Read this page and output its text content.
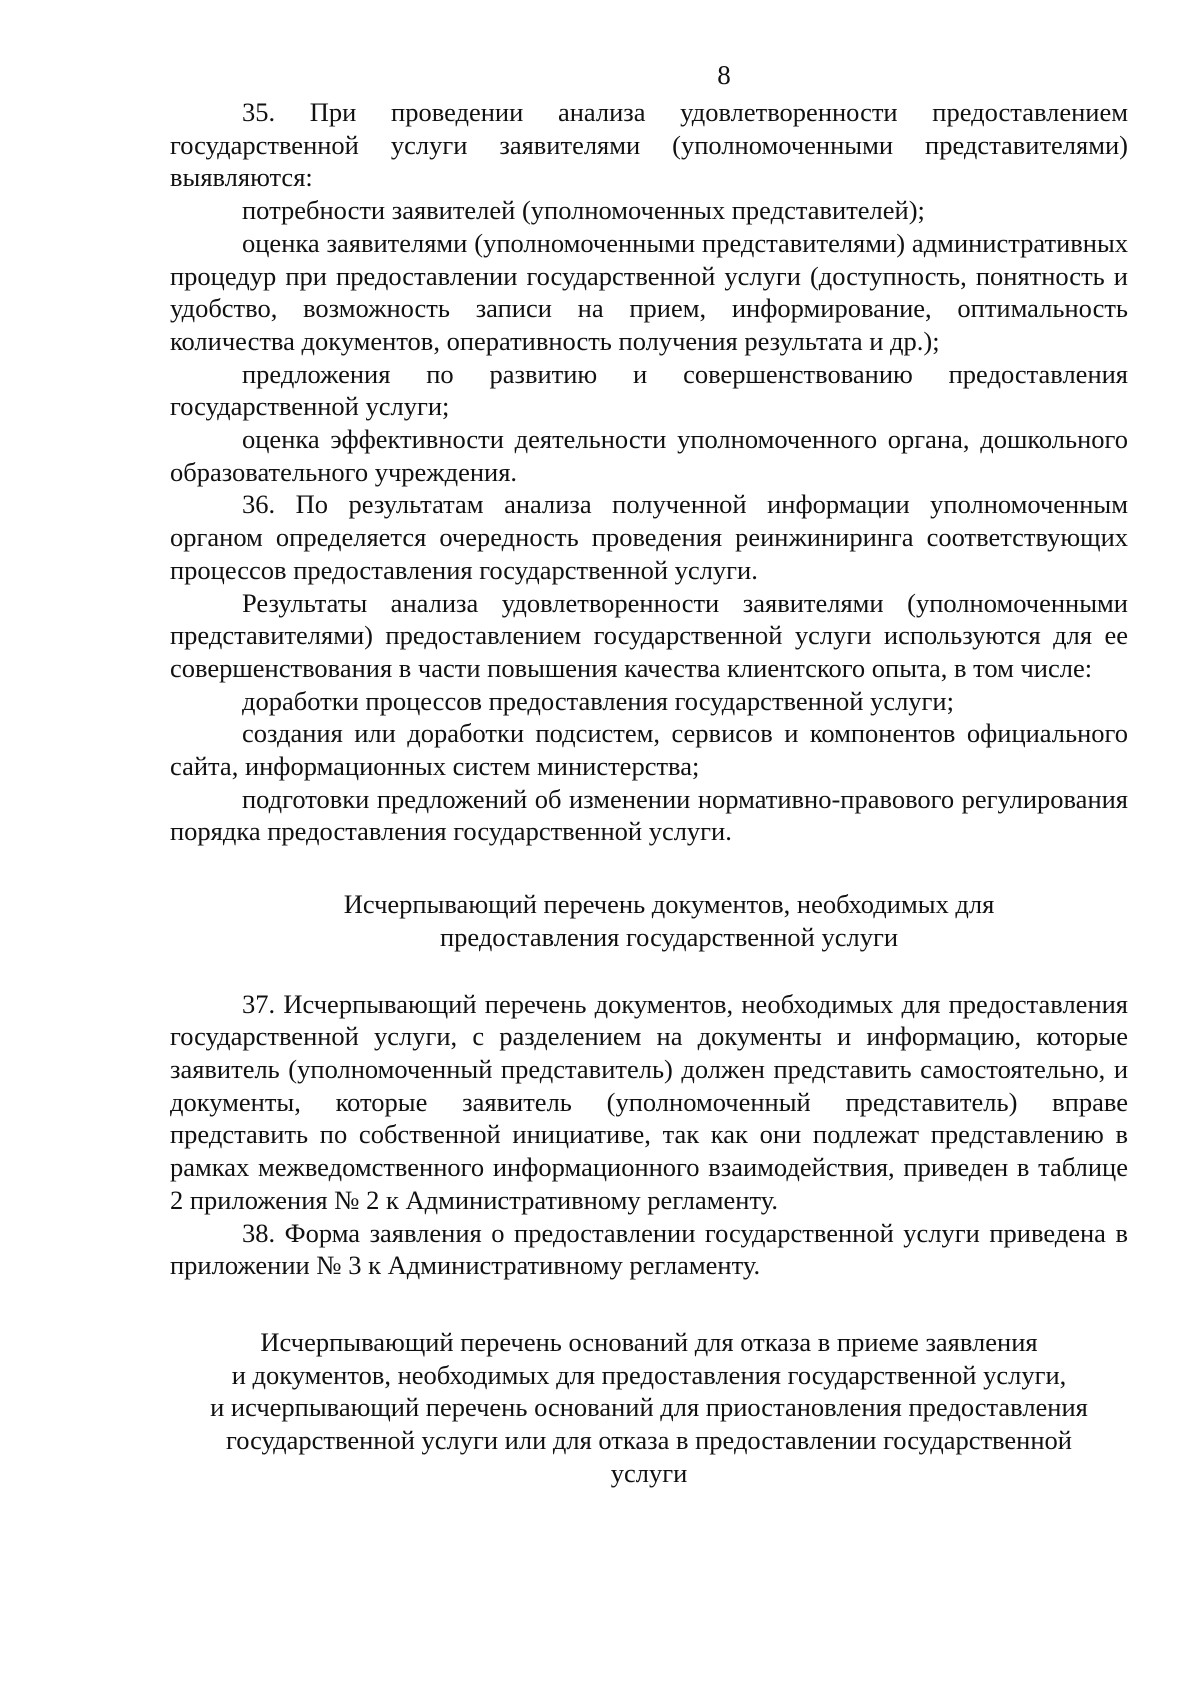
8

35. При проведении анализа удовлетворенности предоставлением государственной услуги заявителями (уполномоченными представителями) выявляются:

потребности заявителей (уполномоченных представителей);

оценка заявителями (уполномоченными представителями) административных процедур при предоставлении государственной услуги (доступность, понятность и удобство, возможность записи на прием, информирование, оптимальность количества документов, оперативность получения результата и др.);

предложения по развитию и совершенствованию предоставления государственной услуги;

оценка эффективности деятельности уполномоченного органа, дошкольного образовательного учреждения.

36. По результатам анализа полученной информации уполномоченным органом определяется очередность проведения реинжиниринга соответствующих процессов предоставления государственной услуги.

Результаты анализа удовлетворенности заявителями (уполномоченными представителями) предоставлением государственной услуги используются для ее совершенствования в части повышения качества клиентского опыта, в том числе:

доработки процессов предоставления государственной услуги;

создания или доработки подсистем, сервисов и компонентов официального сайта, информационных систем министерства;

подготовки предложений об изменении нормативно-правового регулирования порядка предоставления государственной услуги.

Исчерпывающий перечень документов, необходимых для
предоставления государственной услуги

37. Исчерпывающий перечень документов, необходимых для предоставления государственной услуги, с разделением на документы и информацию, которые заявитель (уполномоченный представитель) должен представить самостоятельно, и документы, которые заявитель (уполномоченный представитель) вправе представить по собственной инициативе, так как они подлежат представлению в рамках межведомственного информационного взаимодействия, приведен в таблице 2 приложения № 2 к Административному регламенту.

38. Форма заявления о предоставлении государственной услуги приведена в приложении № 3 к Административному регламенту.

Исчерпывающий перечень оснований для отказа в приеме заявления
и документов, необходимых для предоставления государственной услуги,
и исчерпывающий перечень оснований для приостановления предоставления
государственной услуги или для отказа в предоставлении государственной
услуги
